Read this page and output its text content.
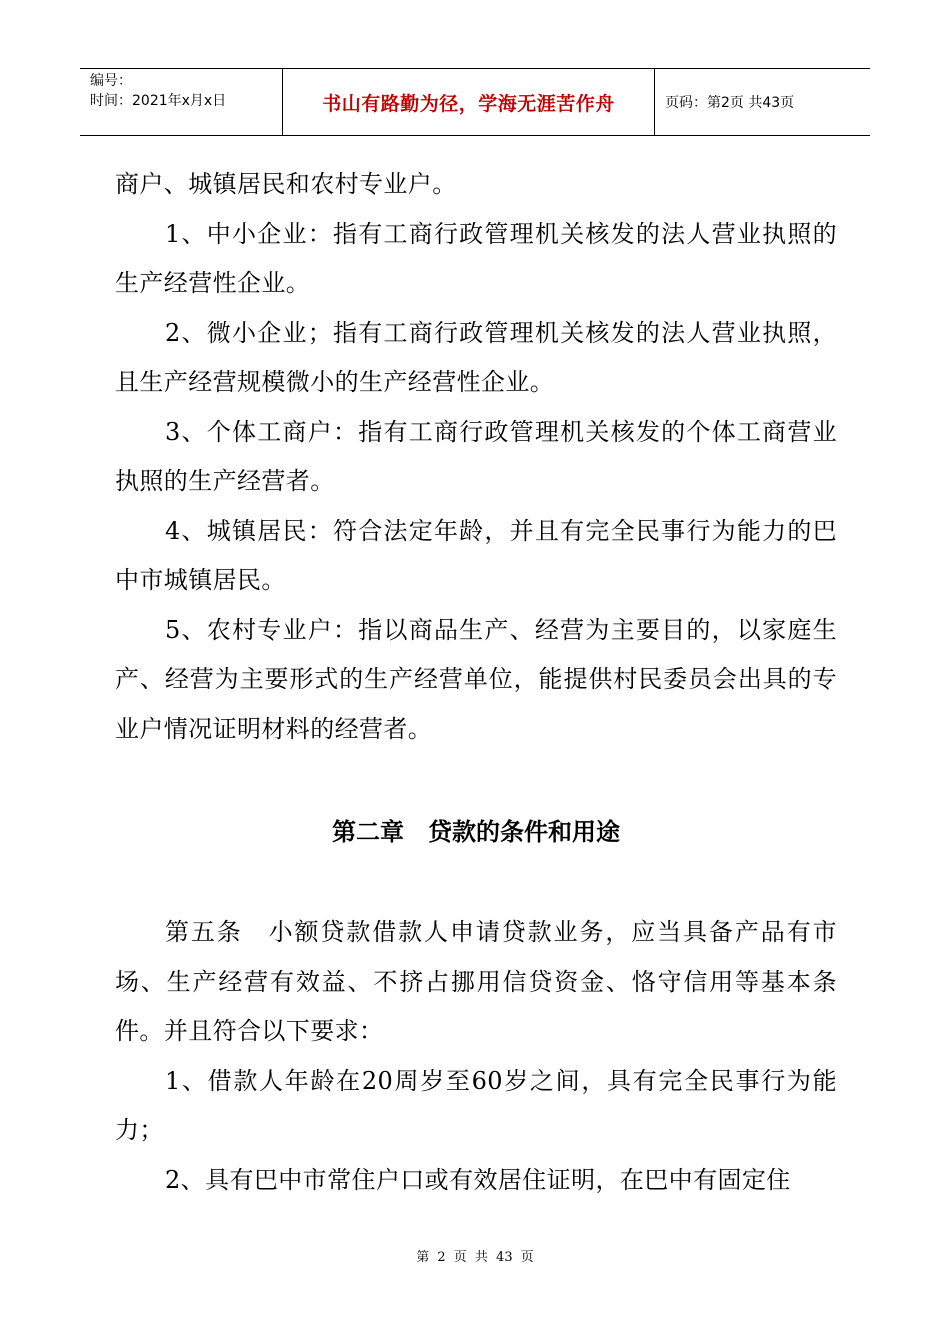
编号：
时间：2021年x月x日	书山有路勤为径，学海无涯苦作舟	页码：第2页 共43页

商户、城镇居民和农村专业户。

1、中小企业：指有工商行政管理机关核发的法人营业执照的生产经营性企业。

2、微小企业；指有工商行政管理机关核发的法人营业执照，且生产经营规模微小的生产经营性企业。

3、个体工商户：指有工商行政管理机关核发的个体工商营业执照的生产经营者。

4、城镇居民：符合法定年龄，并且有完全民事行为能力的巴中市城镇居民。

5、农村专业户：指以商品生产、经营为主要目的，以家庭生产、经营为主要形式的生产经营单位，能提供村民委员会出具的专业户情况证明材料的经营者。

第二章　贷款的条件和用途

第五条　小额贷款借款人申请贷款业务，应当具备产品有市场、生产经营有效益、不挤占挪用信贷资金、恪守信用等基本条件。并且符合以下要求：

1、借款人年龄在20周岁至60岁之间，具有完全民事行为能力；

2、具有巴中市常住户口或有效居住证明，在巴中有固定住

第 2 页 共 43 页
